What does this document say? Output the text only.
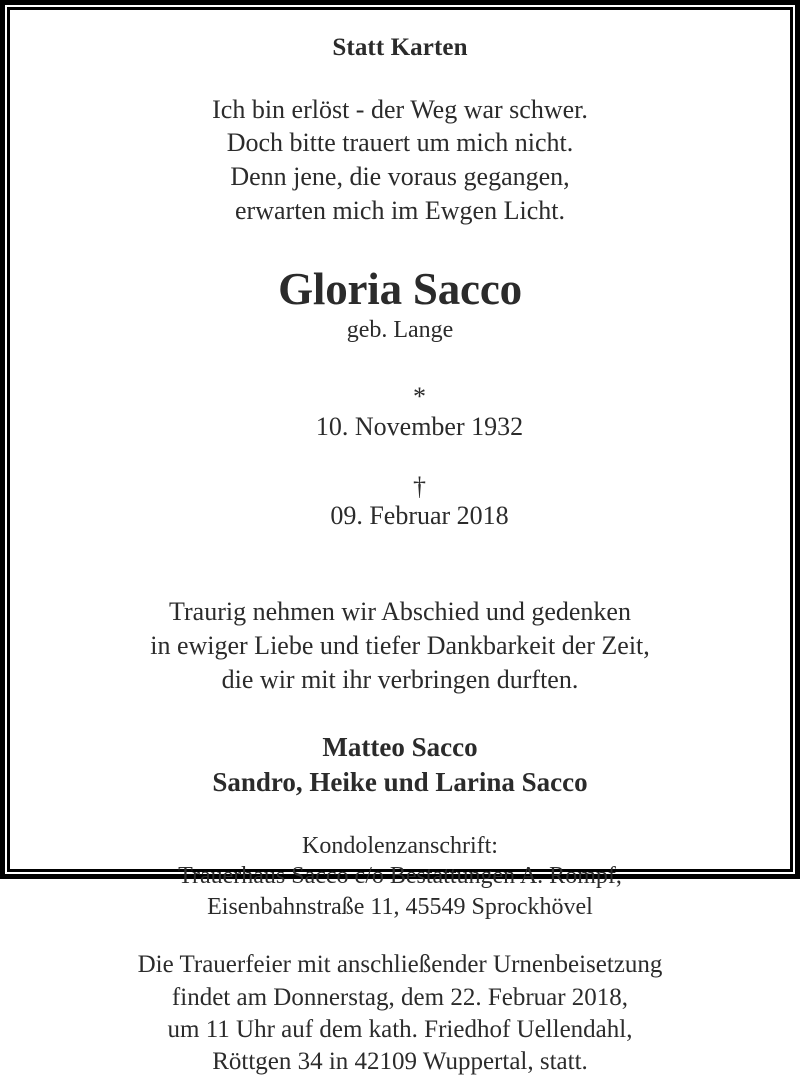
Statt Karten
Ich bin erlöst - der Weg war schwer.
Doch bitte trauert um mich nicht.
Denn jene, die voraus gegangen,
erwarten mich im Ewgen Licht.
Gloria Sacco
geb. Lange

*
10. November 1932

†
09. Februar 2018

Traurig nehmen wir Abschied und gedenken
in ewiger Liebe und tiefer Dankbarkeit der Zeit,
die wir mit ihr verbringen durften.
Matteo Sacco
Sandro, Heike und Larina Sacco
Kondolenzanschrift:
Trauerhaus Sacco c/o Bestattungen A. Rompf,
Eisenbahnstraße 11, 45549 Sprockhövel
Die Trauerfeier mit anschließender Urnenbeisetzung
findet am Donnerstag, dem 22. Februar 2018,
um 11 Uhr auf dem kath. Friedhof Uellendahl,
Röttgen 34 in 42109 Wuppertal, statt.
